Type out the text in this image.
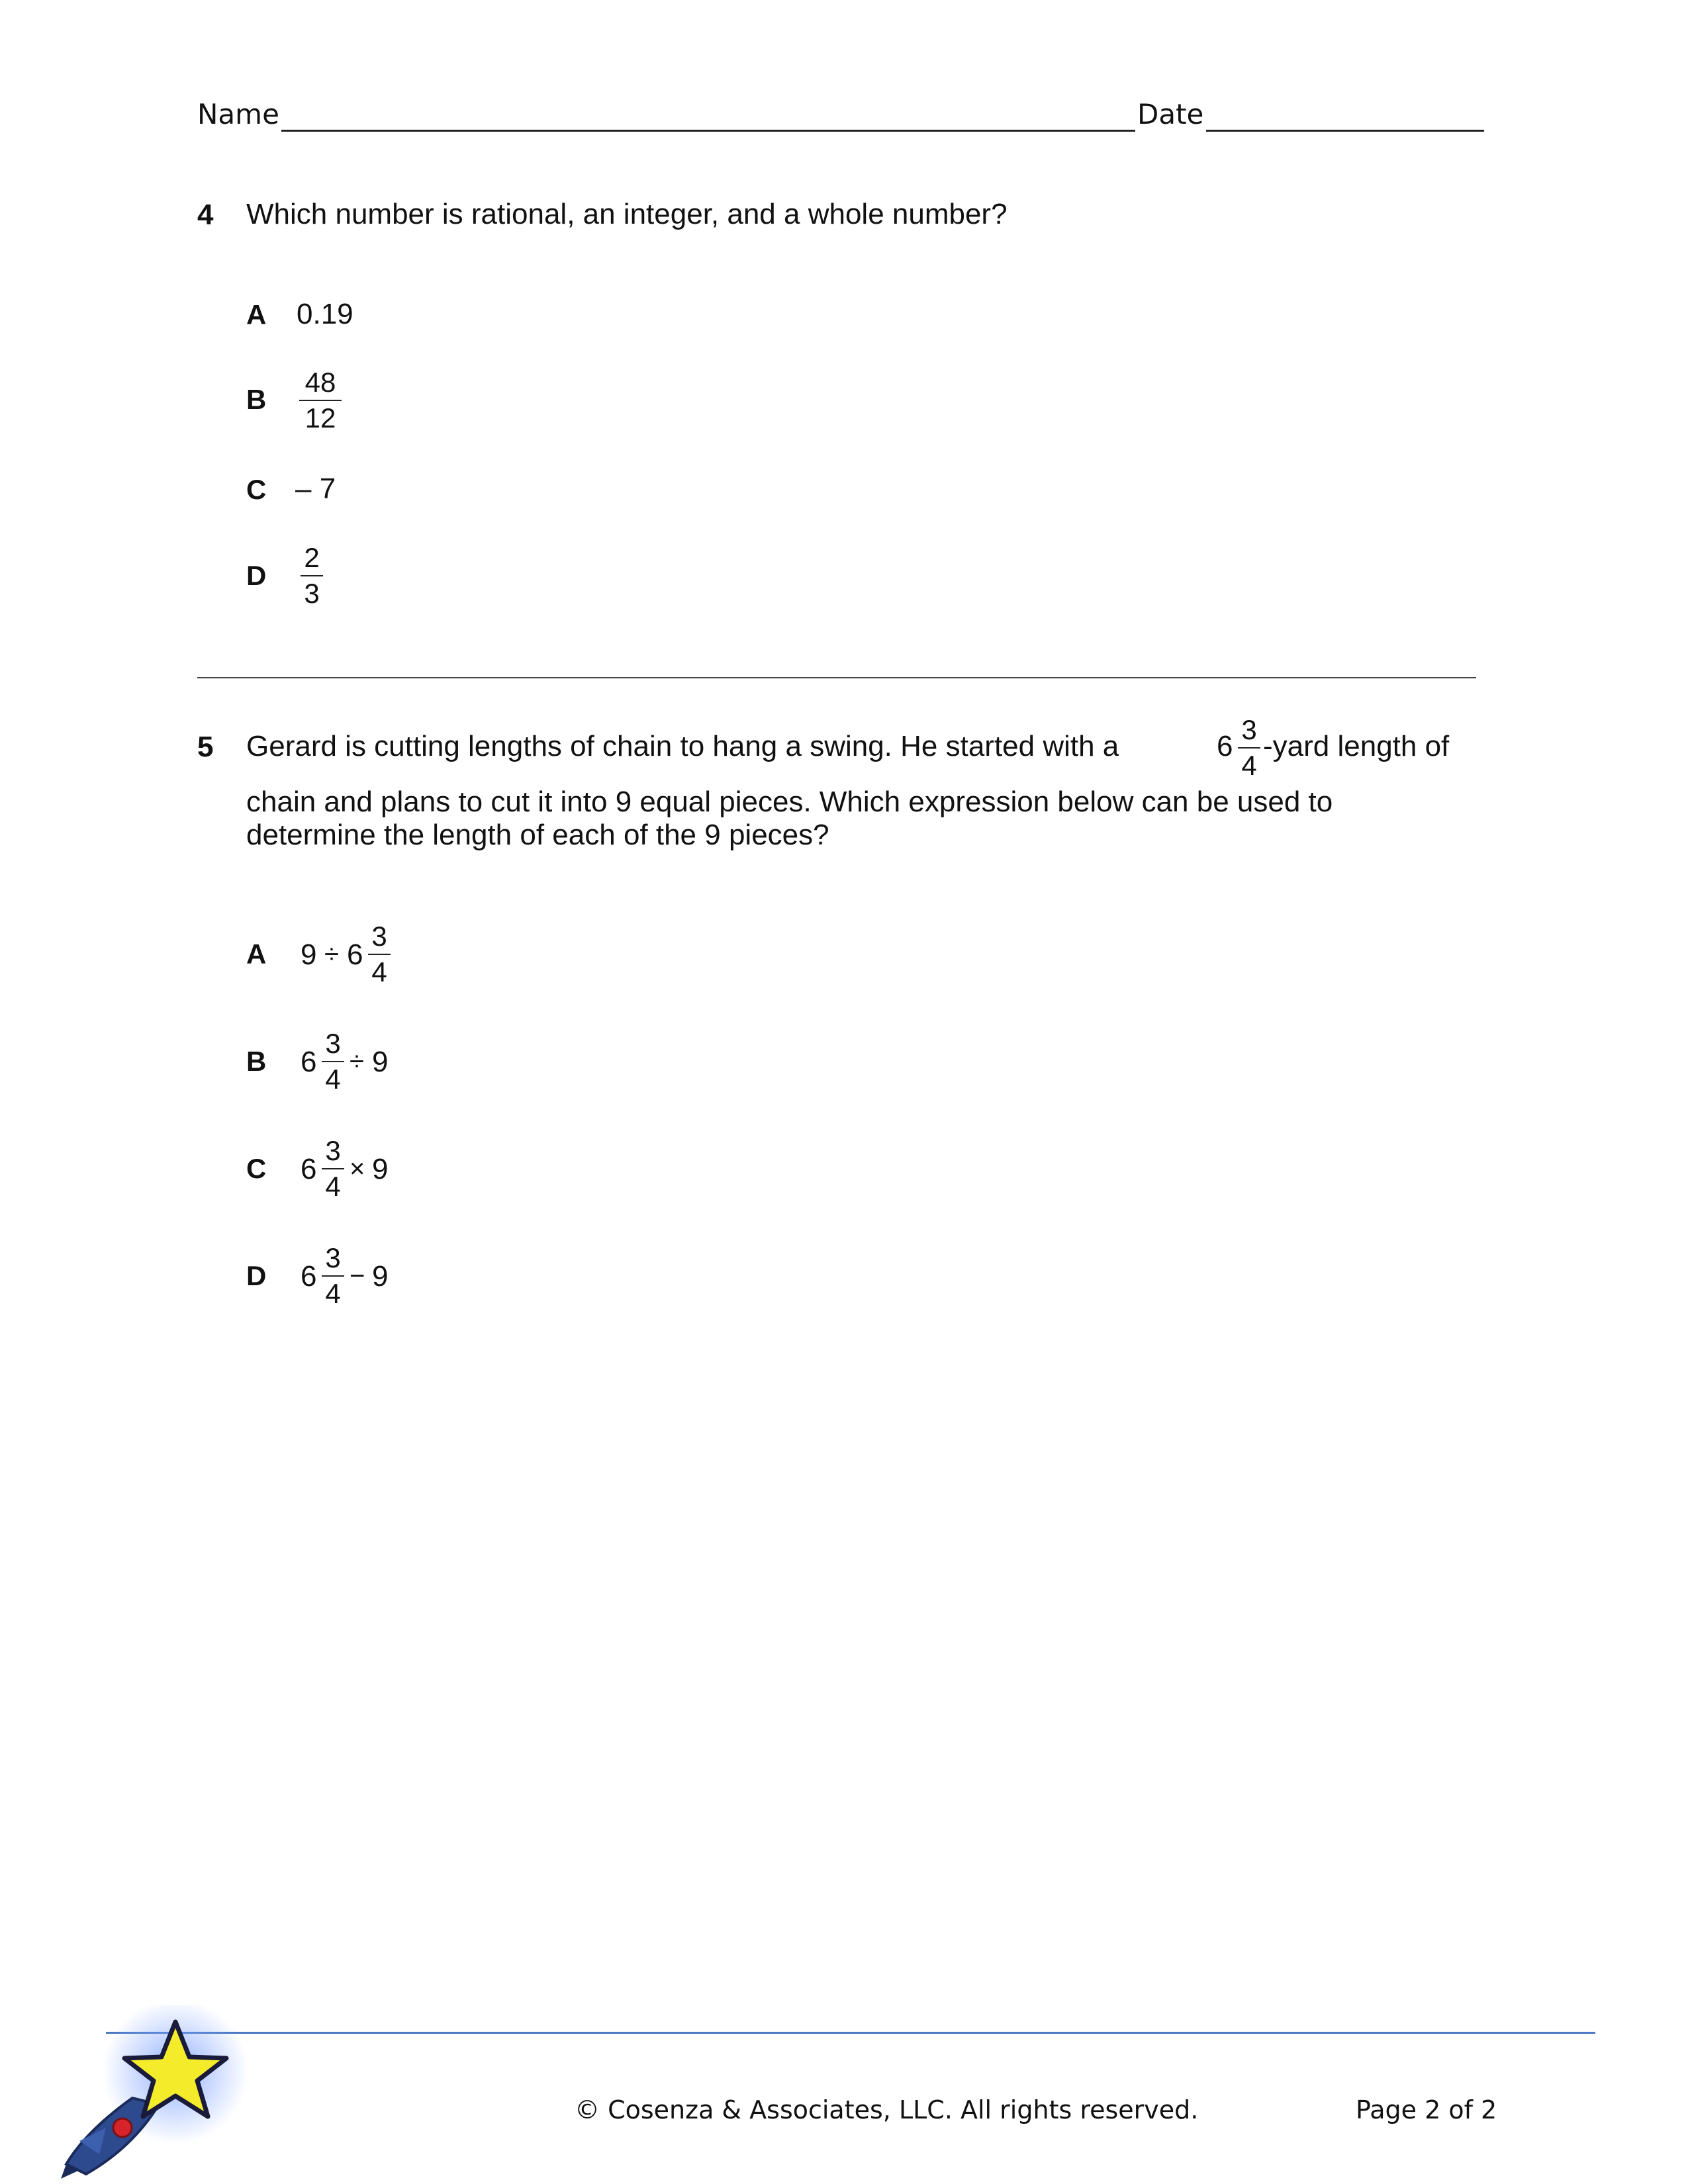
Name	Date
4 Which number is rational, an integer, and a whole number?
A 0.19
B
48
12
C – 7
D
2
3
5 Gerard is cutting lengths of chain to hang a swing. He started with a	6
3
4
-yard length of
chain and plans to cut it into 9 equal pieces. Which expression below can be used to
determine the length of each of the 9 pieces?
A 9 ÷ 6
3
4
B 6
3
4
÷ 9
C 6
3
4
× 9
D 6
3
4
− 9
© Cosenza & Associates, LLC. All rights reserved.	Page 2 of 2
